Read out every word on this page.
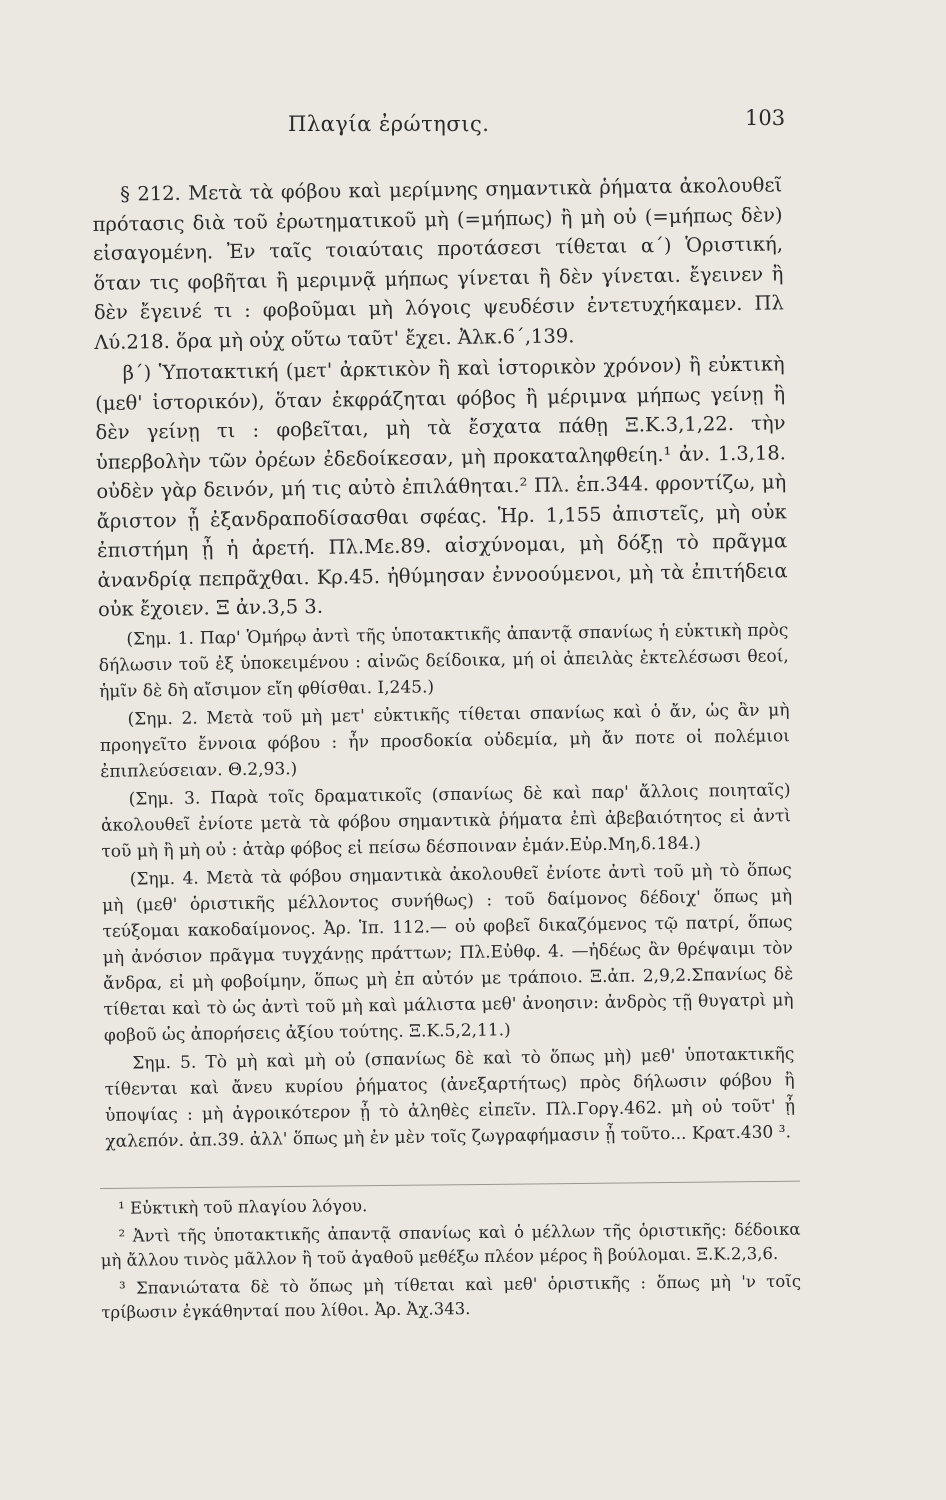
Πλαγία ἐρώτησις.	103

§ 212. Μετὰ τὰ φόβου καὶ μερίμνης σημαντικὰ ῥήματα ἀκολουθεῖ πρότασις διὰ τοῦ ἐρωτηματικοῦ μὴ (=μήπως) ἢ μὴ οὐ (=μήπως δὲν) εἰσαγομένη. Ἐν ταῖς τοιαύταις προτάσεσι τίθεται α΄) Ὁριστική, ὅταν τις φοβῆται ἢ μεριμνᾷ μήπως γίνεται ἢ δὲν γίνεται. ἔγεινεν ἢ δὲν ἔγεινέ τι : φοβοῦμαι μὴ λόγοις ψευδέσιν ἐντετυχήκαμεν. Πλ Λύ.218. ὅρα μὴ οὐχ οὕτω ταῦτ' ἔχει. Ἀλκ.6΄,139.

β΄) Ὑποτακτική (μετ' ἀρκτικὸν ἢ καὶ ἱστορικὸν χρόνον) ἢ εὐκτικὴ (μεθ' ἱστορικόν), ὅταν ἐκφράζηται φόβος ἢ μέριμνα μήπως γείνῃ ἢ δὲν γείνῃ τι : φοβεῖται, μὴ τὰ ἔσχατα πάθῃ Ξ.Κ.3,1,22. τὴν ὑπερβολὴν τῶν ὀρέων ἐδεδοίκεσαν, μὴ προκαταληφθείη.¹ ἀν. 1.3,18. οὐδὲν γὰρ δεινόν, μή τις αὐτὸ ἐπιλάθηται.² Πλ. ἐπ.344. φροντίζω, μὴ ἄριστον ᾖ ἐξανδραποδίσασθαι σφέας. Ἡρ. 1,155 ἀπιστεῖς, μὴ οὐκ ἐπιστήμη ᾖ ἡ ἀρετή. Πλ.Με.89. αἰσχύνομαι, μὴ δόξῃ τὸ πρᾶγμα ἀνανδρίᾳ πεπρᾶχθαι. Κρ.45. ἠθύμησαν ἐννοούμενοι, μὴ τὰ ἐπιτήδεια οὐκ ἔχοιεν. Ξ ἀν.3,5 3.

(Σημ. 1. Παρ' Ὁμήρῳ ἀντὶ τῆς ὑποτακτικῆς ἀπαντᾷ σπανίως ἡ εὐκτικὴ πρὸς δήλωσιν τοῦ ἐξ ὑποκειμένου : αἰνῶς δείδοικα, μή οἱ ἀπειλὰς ἐκτελέσωσι θεοί, ἡμῖν δὲ δὴ αἴσιμον εἴη φθίσθαι. Ι,245.)

(Σημ. 2. Μετὰ τοῦ μὴ μετ' εὐκτικῆς τίθεται σπανίως καὶ ὁ ἄν, ὡς ἂν μὴ προηγεῖτο ἔννοια φόβου : ἦν προσδοκία οὐδεμία, μὴ ἄν ποτε οἱ πολέμιοι ἐπιπλεύσειαν. Θ.2,93.)

(Σημ. 3. Παρὰ τοῖς δραματικοῖς (σπανίως δὲ καὶ παρ' ἄλλοις ποιηταῖς) ἀκολουθεῖ ἐνίοτε μετὰ τὰ φόβου σημαντικὰ ῥήματα ἐπὶ ἀβεβαιότητος εἰ ἀντὶ τοῦ μὴ ἢ μὴ οὐ : ἀτὰρ φόβος εἰ πείσω δέσποιναν ἐμάν.Εὐρ.Μη,δ.184.)

(Σημ. 4. Μετὰ τὰ φόβου σημαντικὰ ἀκολουθεῖ ἐνίοτε ἀντὶ τοῦ μὴ τὸ ὅπως μὴ (μεθ' ὁριστικῆς μέλλοντος συνήθως) : τοῦ δαίμονος δέδοιχ' ὅπως μὴ τεύξομαι κακοδαίμονος. Ἀρ. Ἱπ. 112.— οὐ φοβεῖ δικαζόμενος τῷ πατρί, ὅπως μὴ ἀνόσιον πρᾶγμα τυγχάνῃς πράττων; Πλ.Εὐθφ. 4. —ἠδέως ἂν θρέψαιμι τὸν ἄνδρα, εἰ μὴ φοβοίμην, ὅπως μὴ ἐπ αὐτόν με τράποιο. Ξ.ἀπ. 2,9,2.Σπανίως δὲ τίθεται καὶ τὸ ὡς ἀντὶ τοῦ μὴ καὶ μάλιστα μεθ' ἀνοησιν: ἀνδρὸς τῇ θυγατρὶ μὴ φοβοῦ ὡς ἀπορήσεις ἀξίου τούτης. Ξ.Κ.5,2,11.)

Σημ. 5. Τὸ μὴ καὶ μὴ οὐ (σπανίως δὲ καὶ τὸ ὅπως μὴ) μεθ' ὑποτακτικῆς τίθενται καὶ ἄνευ κυρίου ῥήματος (ἀνεξαρτήτως) πρὸς δήλωσιν φόβου ἢ ὑποψίας : μὴ ἀγροικότερον ᾖ τὸ ἀληθὲς εἰπεῖν. Πλ.Γοργ.462. μὴ οὐ τοῦτ' ᾖ χαλεπόν. ἀπ.39. ἀλλ' ὅπως μὴ ἐν μὲν τοῖς ζωγραφήμασιν ᾖ τοῦτο... Κρατ.430 ³.

¹ Εὐκτικὴ τοῦ πλαγίου λόγου.

² Ἀντὶ τῆς ὑποτακτικῆς ἀπαντᾷ σπανίως καὶ ὁ μέλλων τῆς ὁριστικῆς: δέδοικα μὴ ἄλλου τινὸς μᾶλλον ἢ τοῦ ἀγαθοῦ μεθέξω πλέον μέρος ἢ βούλομαι. Ξ.Κ.2,3,6.

³ Σπανιώτατα δὲ τὸ ὅπως μὴ τίθεται καὶ μεθ' ὁριστικῆς : ὅπως μὴ 'ν τοῖς τρίβωσιν ἐγκάθηνταί που λίθοι. Ἀρ. Ἀχ.343.
